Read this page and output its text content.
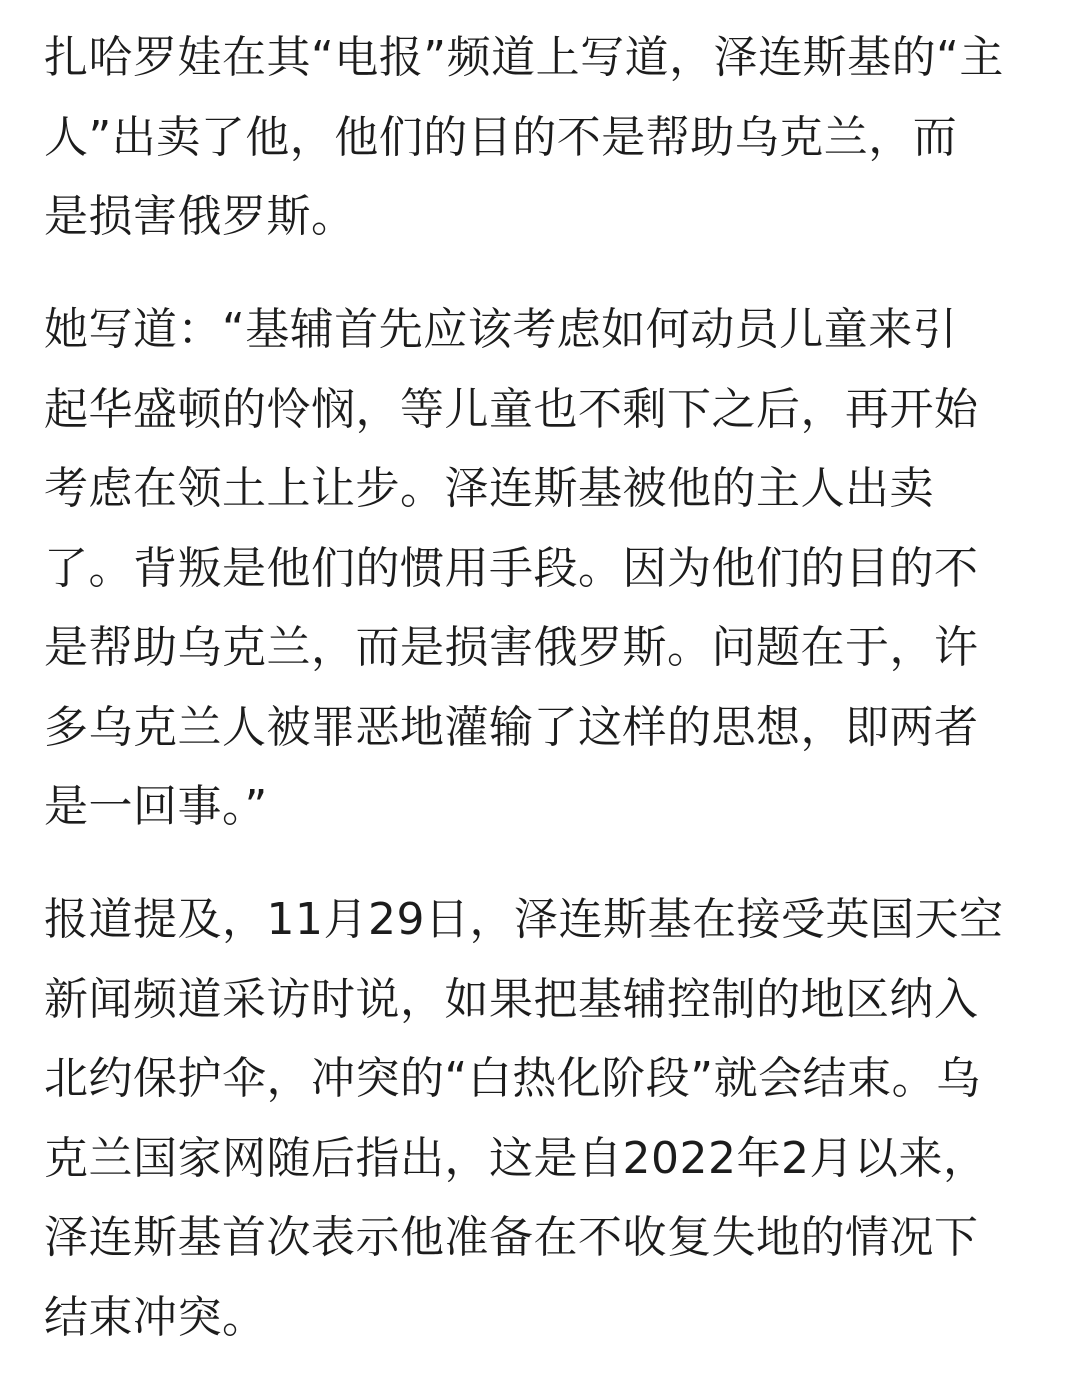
扎哈罗娃在其“电报”频道上写道，泽连斯基的“主
人”出卖了他，他们的目的不是帮助乌克兰，而
是损害俄罗斯。
她写道：“基辅首先应该考虑如何动员儿童来引
起华盛顿的怜悯，等儿童也不剩下之后，再开始
考虑在领土上让步。泽连斯基被他的主人出卖
了。背叛是他们的惯用手段。因为他们的目的不
是帮助乌克兰，而是损害俄罗斯。问题在于，许
多乌克兰人被罪恶地灌输了这样的思想，即两者
是一回事。”
报道提及，11月29日，泽连斯基在接受英国天空
新闻频道采访时说，如果把基辅控制的地区纳入
北约保护伞，冲突的“白热化阶段”就会结束。乌
克兰国家网随后指出，这是自2022年2月以来，
泽连斯基首次表示他准备在不收复失地的情况下
结束冲突。
